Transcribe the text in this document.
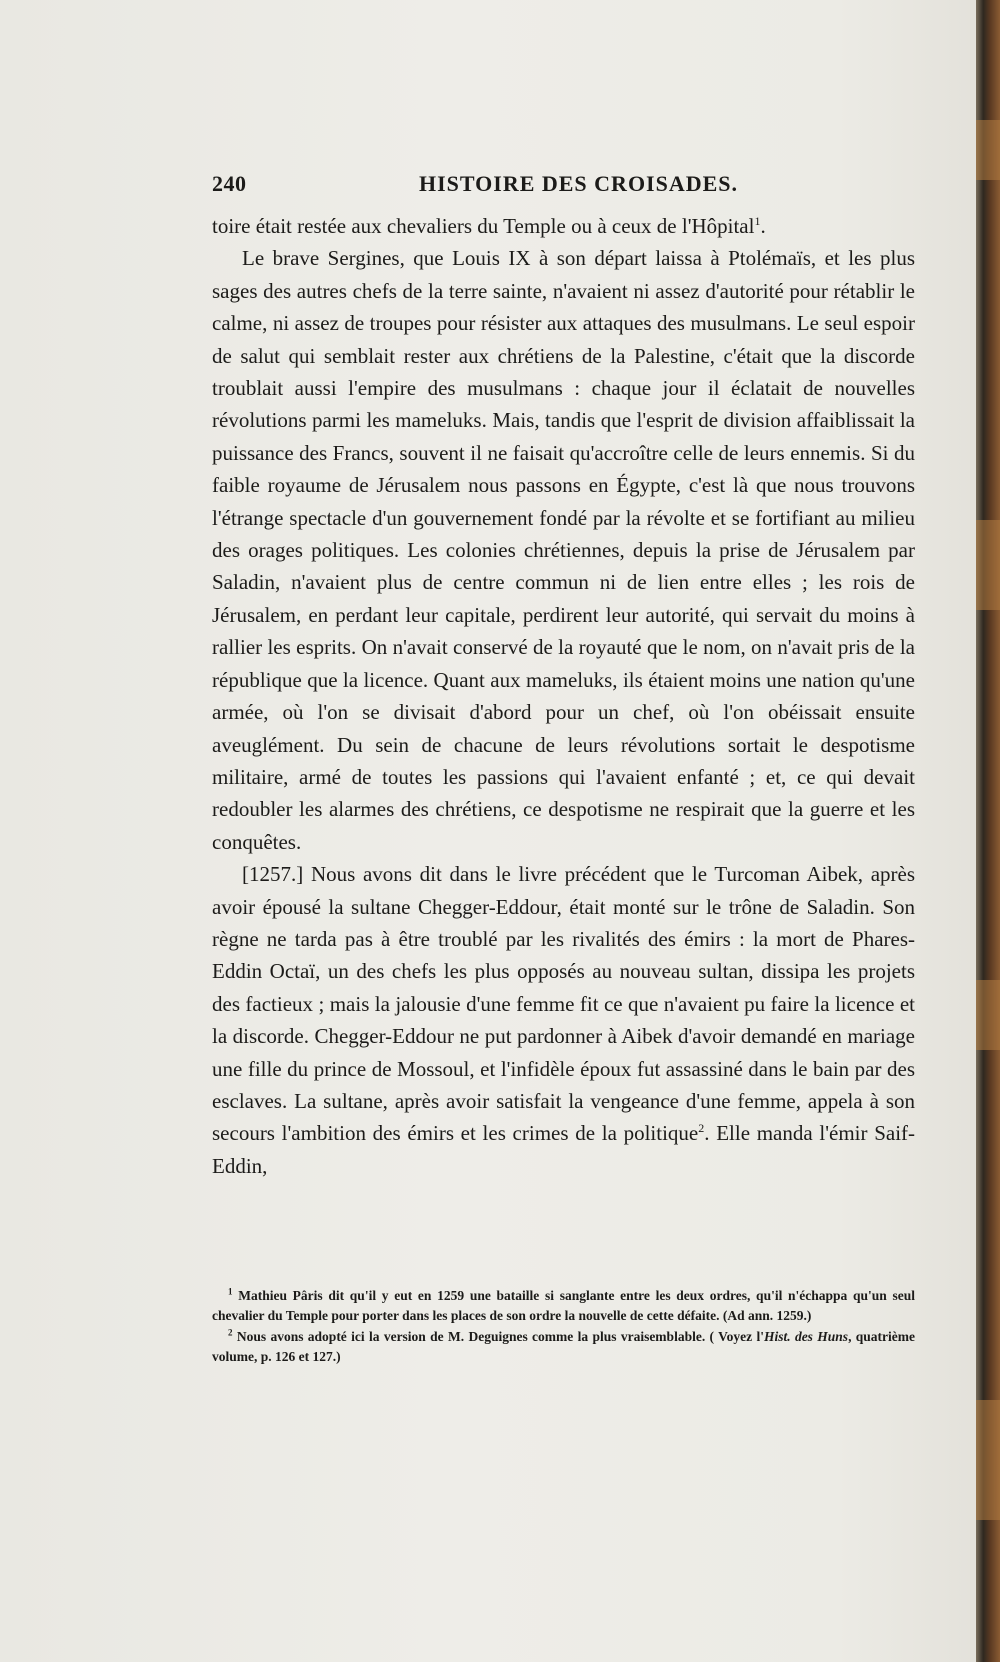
240	HISTOIRE DES CROISADES.

toire était restée aux chevaliers du Temple ou à ceux de l'Hôpital$^1$.

Le brave Sergines, que Louis IX à son départ laissa à Ptolémaïs, et les plus sages des autres chefs de la terre sainte, n'avaient ni assez d'autorité pour rétablir le calme, ni assez de troupes pour résister aux attaques des musulmans. Le seul espoir de salut qui semblait rester aux chrétiens de la Palestine, c'était que la discorde troublait aussi l'empire des musulmans : chaque jour il éclatait de nouvelles révolutions parmi les mameluks. Mais, tandis que l'esprit de division affaiblissait la puissance des Francs, souvent il ne faisait qu'accroître celle de leurs ennemis. Si du faible royaume de Jérusalem nous passons en Égypte, c'est là que nous trouvons l'étrange spectacle d'un gouvernement fondé par la révolte et se fortifiant au milieu des orages politiques. Les colonies chrétiennes, depuis la prise de Jérusalem par Saladin, n'avaient plus de centre commun ni de lien entre elles ; les rois de Jérusalem, en perdant leur capitale, perdirent leur autorité, qui servait du moins à rallier les esprits. On n'avait conservé de la royauté que le nom, on n'avait pris de la république que la licence. Quant aux mameluks, ils étaient moins une nation qu'une armée, où l'on se divisait d'abord pour un chef, où l'on obéissait ensuite aveuglément. Du sein de chacune de leurs révolutions sortait le despotisme militaire, armé de toutes les passions qui l'avaient enfanté ; et, ce qui devait redoubler les alarmes des chrétiens, ce despotisme ne respirait que la guerre et les conquêtes.

[1257.] Nous avons dit dans le livre précédent que le Turcoman Aibek, après avoir épousé la sultane Chegger-Eddour, était monté sur le trône de Saladin. Son règne ne tarda pas à être troublé par les rivalités des émirs : la mort de Phares-Eddin Octaï, un des chefs les plus opposés au nouveau sultan, dissipa les projets des factieux ; mais la jalousie d'une femme fit ce que n'avaient pu faire la licence et la discorde. Chegger-Eddour ne put pardonner à Aibek d'avoir demandé en mariage une fille du prince de Mossoul, et l'infidèle époux fut assassiné dans le bain par des esclaves. La sultane, après avoir satisfait la vengeance d'une femme, appela à son secours l'ambition des émirs et les crimes de la politique$^2$. Elle manda l'émir Saif-Eddin,

$^1$ Mathieu Pâris dit qu'il y eut en 1259 une bataille si sanglante entre les deux ordres, qu'il n'échappa qu'un seul chevalier du Temple pour porter dans les places de son ordre la nouvelle de cette défaite. (Ad ann. 1259.)

$^2$ Nous avons adopté ici la version de M. Deguignes comme la plus vraisemblable. ( Voyez l'Hist. des Huns, quatrième volume, p. 126 et 127.)
